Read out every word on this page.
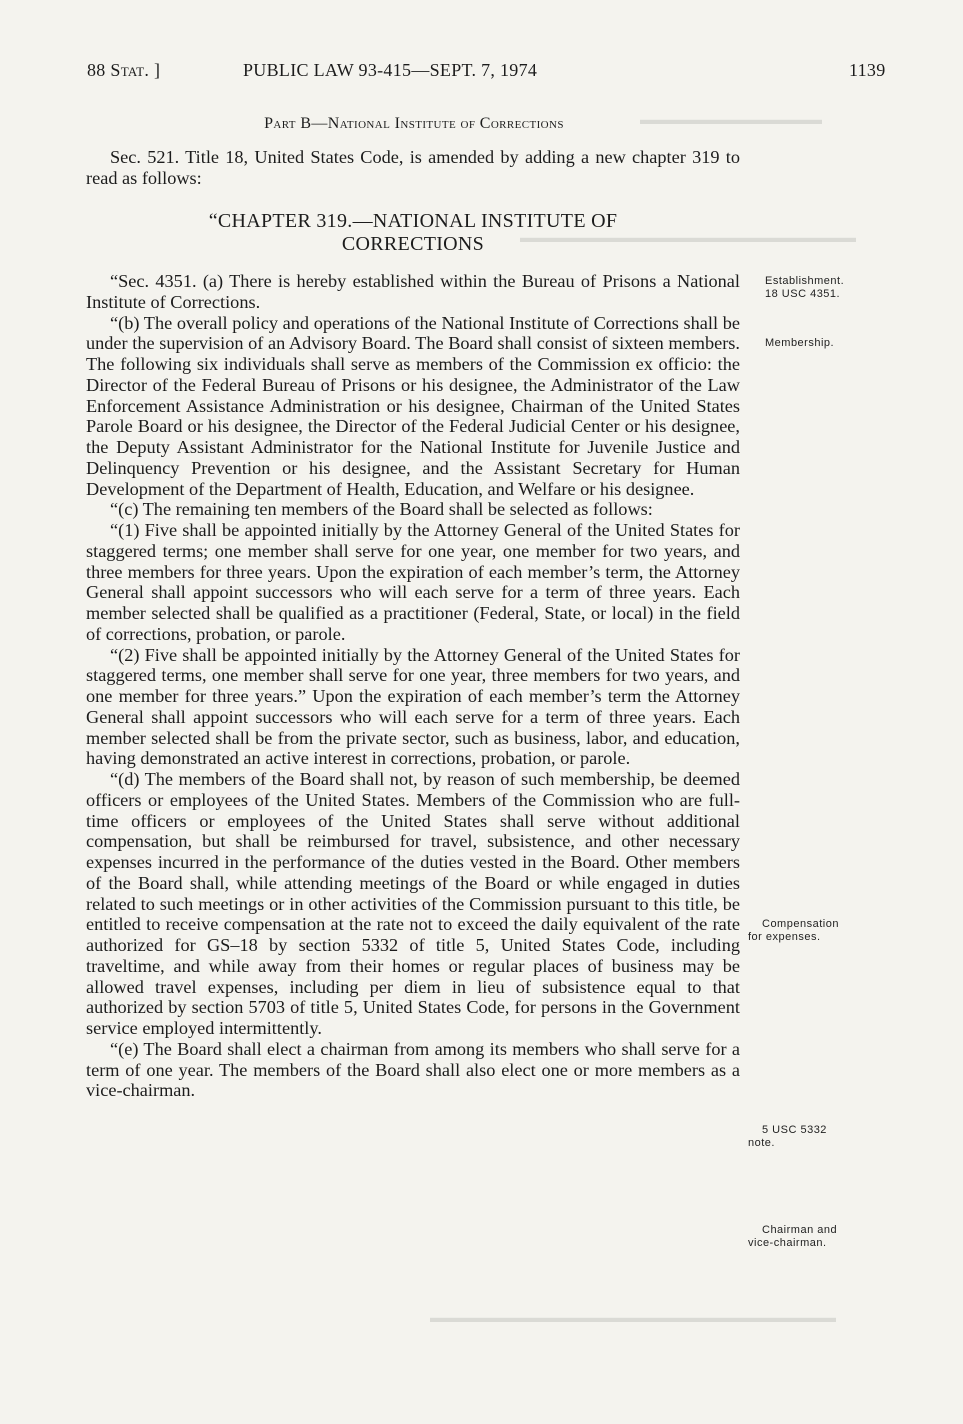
▬▬▬▬▬▬▬▬▬▬▬▬▬
▬▬▬▬▬▬▬▬▬▬▬▬▬▬▬▬▬▬▬▬▬▬▬▬
▬▬▬▬▬▬▬▬▬▬▬▬▬▬▬▬▬▬▬▬▬▬▬▬▬▬▬▬▬
88 Stat. ]	PUBLIC LAW 93-415—SEPT. 7, 1974	1139
Part B—National Institute of Corrections
Sec. 521. Title 18, United States Code, is amended by adding a new chapter 319 to read as follows:
“CHAPTER 319.—NATIONAL INSTITUTE OF
CORRECTIONS

“Sec. 4351. (a) There is hereby established within the Bureau of Prisons a National Institute of Corrections.

“(b) The overall policy and operations of the National Institute of Corrections shall be under the supervision of an Advisory Board. The Board shall consist of sixteen members. The following six individuals shall serve as members of the Commission ex officio: the Director of the Federal Bureau of Prisons or his designee, the Administrator of the Law Enforcement Assistance Administration or his designee, Chairman of the United States Parole Board or his designee, the Director of the Federal Judicial Center or his designee, the Deputy Assistant Administrator for the National Institute for Juvenile Justice and Delinquency Prevention or his designee, and the Assistant Secretary for Human Development of the Department of Health, Education, and Welfare or his designee.

“(c) The remaining ten members of the Board shall be selected as follows:

“(1) Five shall be appointed initially by the Attorney General of the United States for staggered terms; one member shall serve for one year, one member for two years, and three members for three years. Upon the expiration of each member’s term, the Attorney General shall appoint successors who will each serve for a term of three years. Each member selected shall be qualified as a practitioner (Federal, State, or local) in the field of corrections, probation, or parole.

“(2) Five shall be appointed initially by the Attorney General of the United States for staggered terms, one member shall serve for one year, three members for two years, and one member for three years.” Upon the expiration of each member’s term the Attorney General shall appoint successors who will each serve for a term of three years. Each member selected shall be from the private sector, such as business, labor, and education, having demonstrated an active interest in corrections, probation, or parole.

“(d) The members of the Board shall not, by reason of such membership, be deemed officers or employees of the United States. Members of the Commission who are full-time officers or employees of the United States shall serve without additional compensation, but shall be reimbursed for travel, subsistence, and other necessary expenses incurred in the performance of the duties vested in the Board. Other members of the Board shall, while attending meetings of the Board or while engaged in duties related to such meetings or in other activities of the Commission pursuant to this title, be entitled to receive compensation at the rate not to exceed the daily equivalent of the rate authorized for GS–18 by section 5332 of title 5, United States Code, including traveltime, and while away from their homes or regular places of business may be allowed travel expenses, including per diem in lieu of subsistence equal to that authorized by section 5703 of title 5, United States Code, for persons in the Government service employed intermittently.

“(e) The Board shall elect a chairman from among its members who shall serve for a term of one year. The members of the Board shall also elect one or more members as a vice-chairman.

Establishment.
18 USC 4351.
Membership.
Compensation
for expenses.
5 USC 5332
note.
Chairman and
vice-chairman.
